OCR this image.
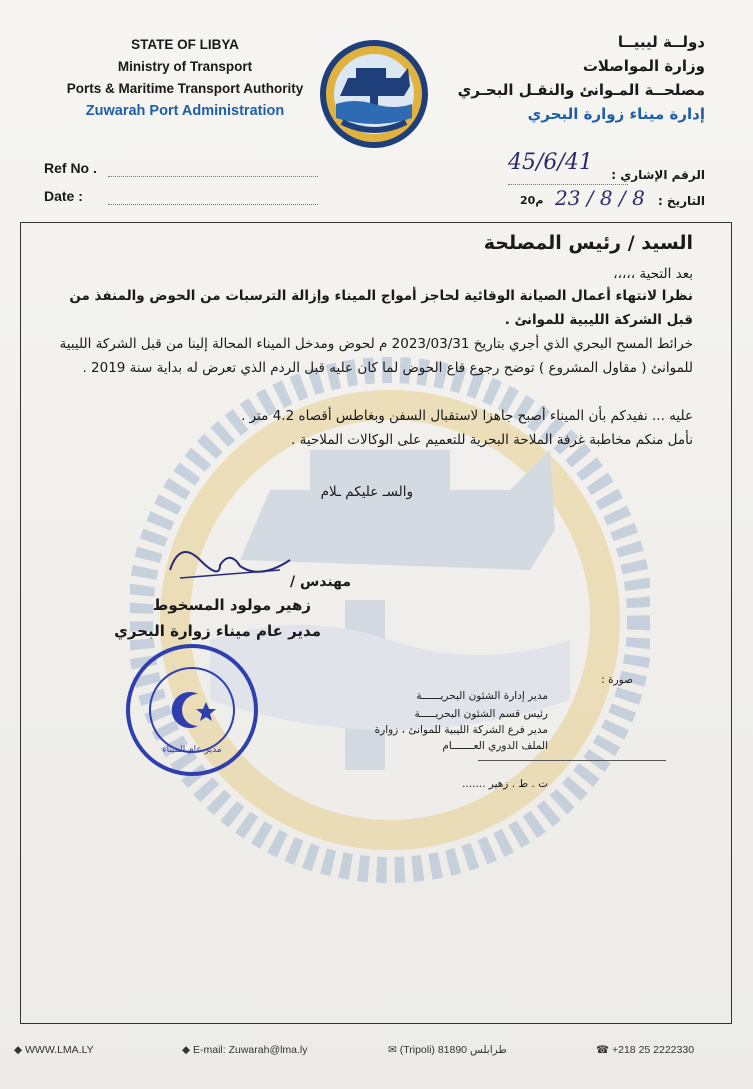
STATE OF LIBYA
Ministry of Transport
Ports & Maritime Transport Authority
Zuwarah Port Administration
دولــة ليبيــا
وزارة المواصلات
مصلحــة المـوانئ والنقـل البحـري
إدارة ميناء زوارة البحري
Ref No .
Date :
الرقم الإشاري :
45/6/41
التاريخ :
23 / 8 / 8
م20
السيد / رئيس المصلحة
بعد التحية ،،،،،
نظرا لانتهاء أعمال الصيانة الوقائية لحاجز أمواج الميناء وإزالة الترسبات من الحوض والمنفذ من قبل الشركة الليبية للموانئ .
خرائط المسح البحري الذي أجري بتاريخ 2023/03/31 م لحوض ومدخل الميناء المحالة إلينا من قبل الشركة الليبية للموانئ ( مقاول المشروع ) توضح رجوع قاع الحوض لما كان عليه قبل الردم الذي تعرض له بداية سنة 2019 .
عليه ... نفيدكم بأن الميناء أصبح جاهزا لاستقبال السفن وبغاطس أقصاه 4.2 متر .
نأمل منكم مخاطبة غرفة الملاحة البحرية للتعميم على الوكالات الملاحية .
والسـ عليكم ـلام
مهندس /
زهير مولود المسخوط
مدير عام ميناء زوارة البحري
مدير عام الميناء
صورة :
مدير إدارة الشئون البحريــــــة
رئيس قسم الشئون البحريـــــة
مدير فرع الشركة الليبية للموانئ ، زوارة
الملف الدوري العـــــــام
ت . ط . زهير .......
◆ WWW.LMA.LY	◆ E-mail: Zuwarah@lma.ly	✉ (Tripoli) طرابلس 81890	☎ +218 25 2222330
